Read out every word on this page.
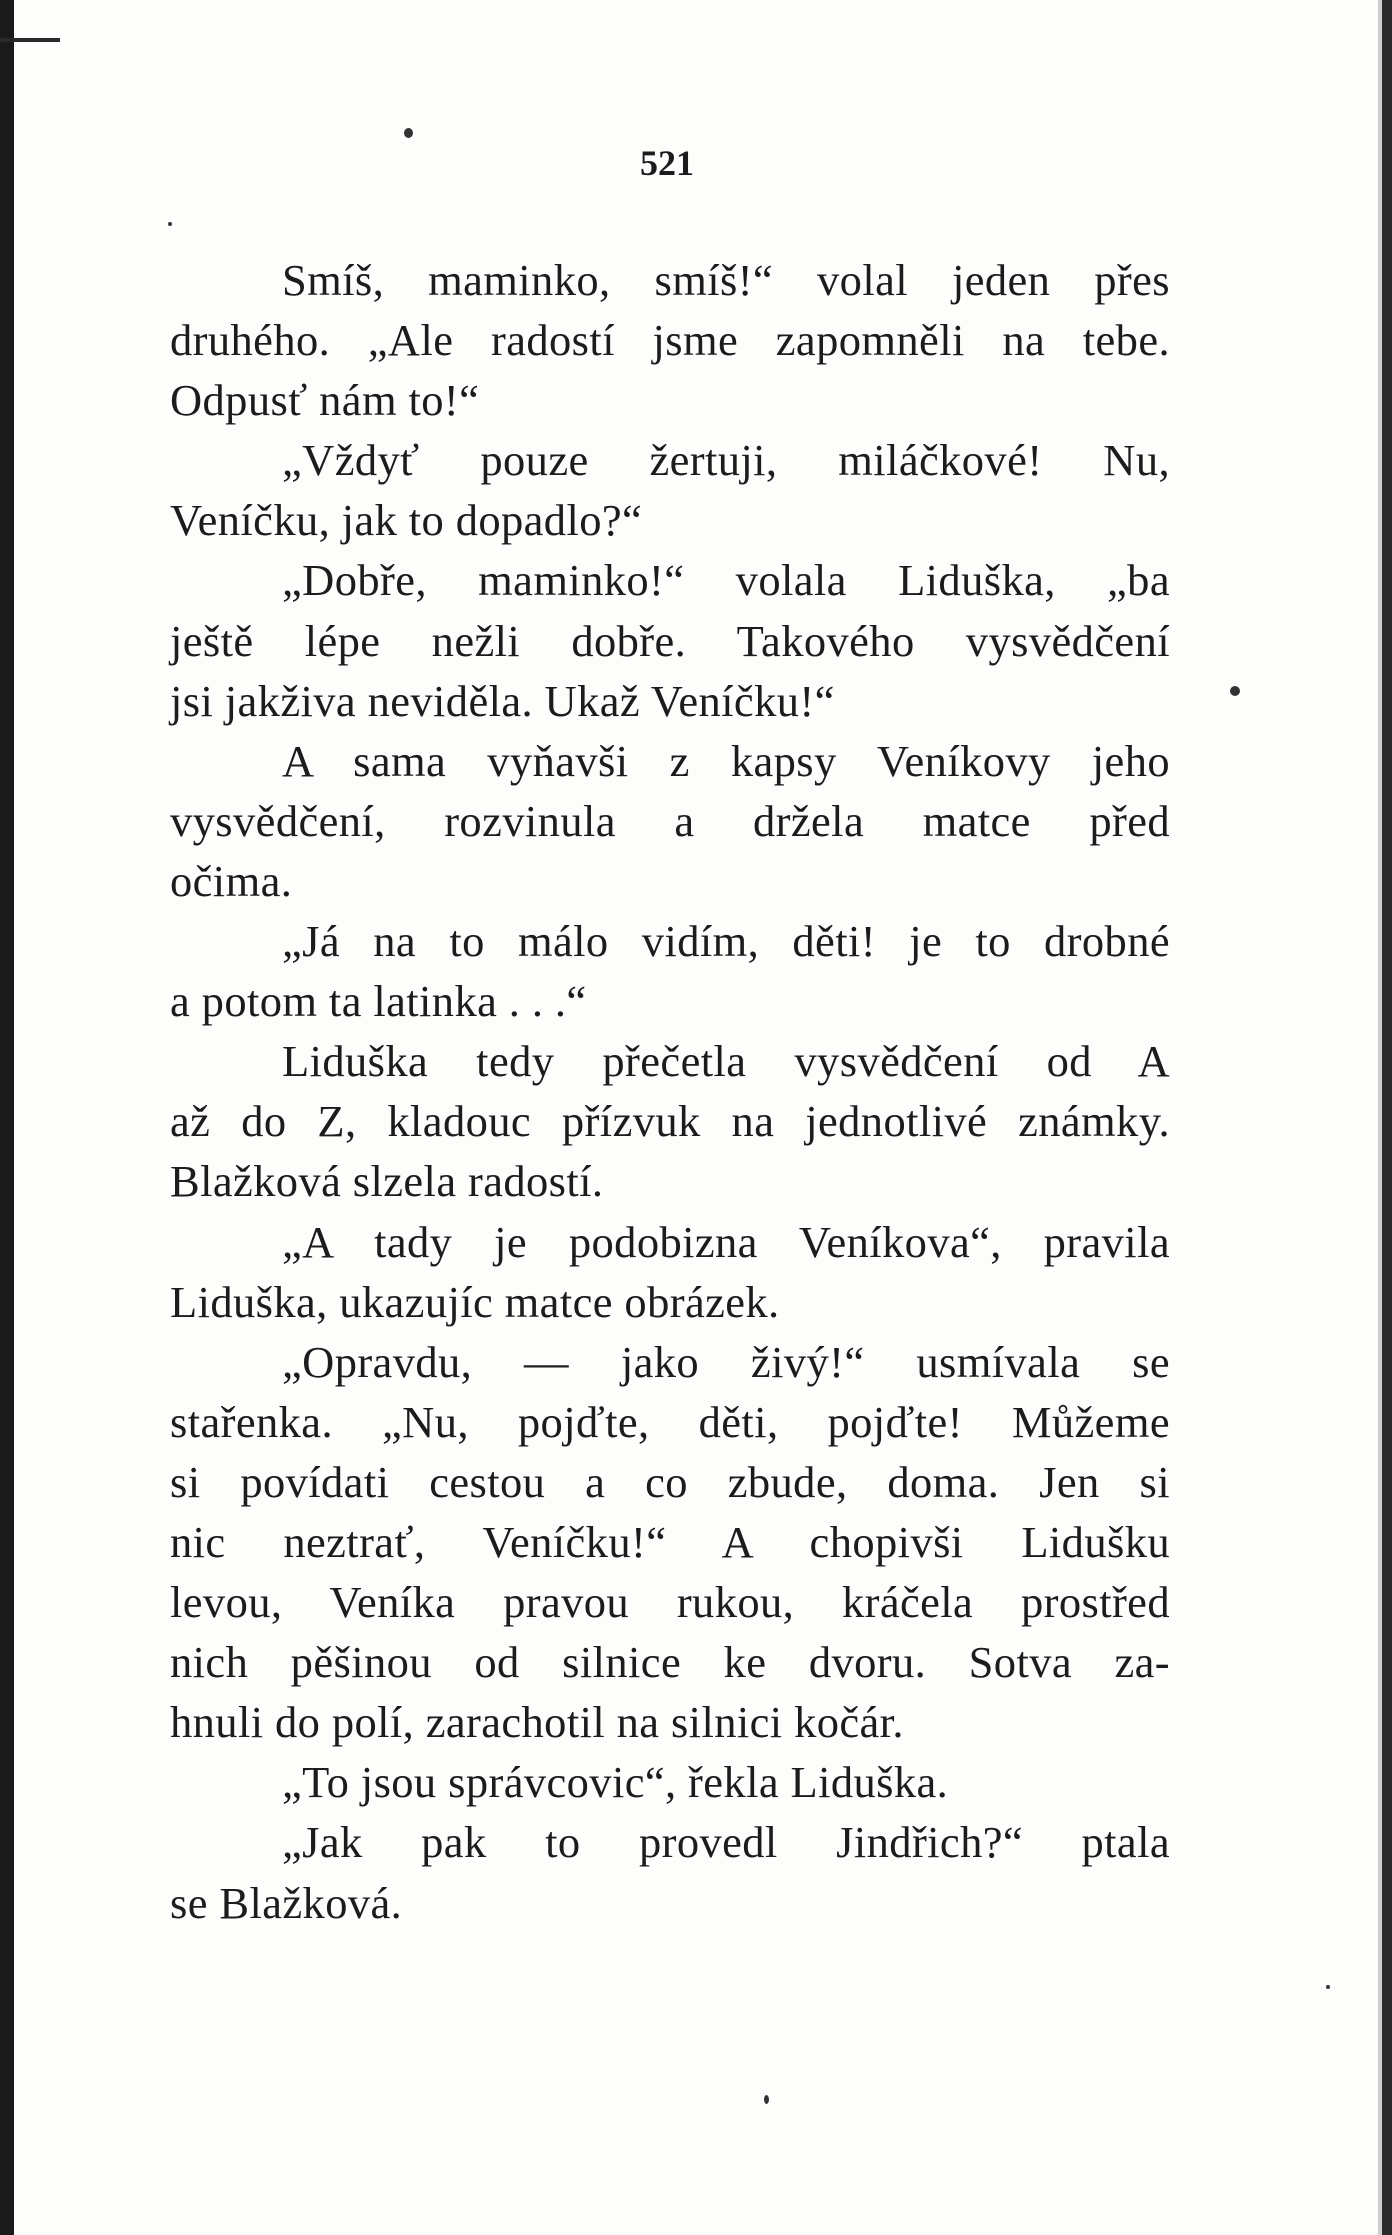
521
Smíš, maminko, smíš!“ volal jeden přes
druhého. „Ale radostí jsme zapomněli na tebe.
Odpusť nám to!“
„Vždyť pouze žertuji, miláčkové! Nu,
Veníčku, jak to dopadlo?“
„Dobře, maminko!“ volala Liduška, „ba
ještě lépe nežli dobře. Takového vysvědčení
jsi jakživa neviděla. Ukaž Veníčku!“
A sama vyňavši z kapsy Veníkovy jeho
vysvědčení, rozvinula a držela matce před
očima.
„Já na to málo vidím, děti! je to drobné
a potom ta latinka . . .“
Liduška tedy přečetla vysvědčení od A
až do Z, kladouc přízvuk na jednotlivé známky.
Blažková slzela radostí.
„A tady je podobizna Veníkova“, pravila
Liduška, ukazujíc matce obrázek.
„Opravdu, — jako živý!“ usmívala se
stařenka. „Nu, pojďte, děti, pojďte! Můžeme
si povídati cestou a co zbude, doma. Jen si
nic neztrať, Veníčku!“ A chopivši Lidušku
levou, Veníka pravou rukou, kráčela prostřed
nich pěšinou od silnice ke dvoru. Sotva za-
hnuli do polí, zarachotil na silnici kočár.
„To jsou správcovic“, řekla Liduška.
„Jak pak to provedl Jindřich?“ ptala
se Blažková.
